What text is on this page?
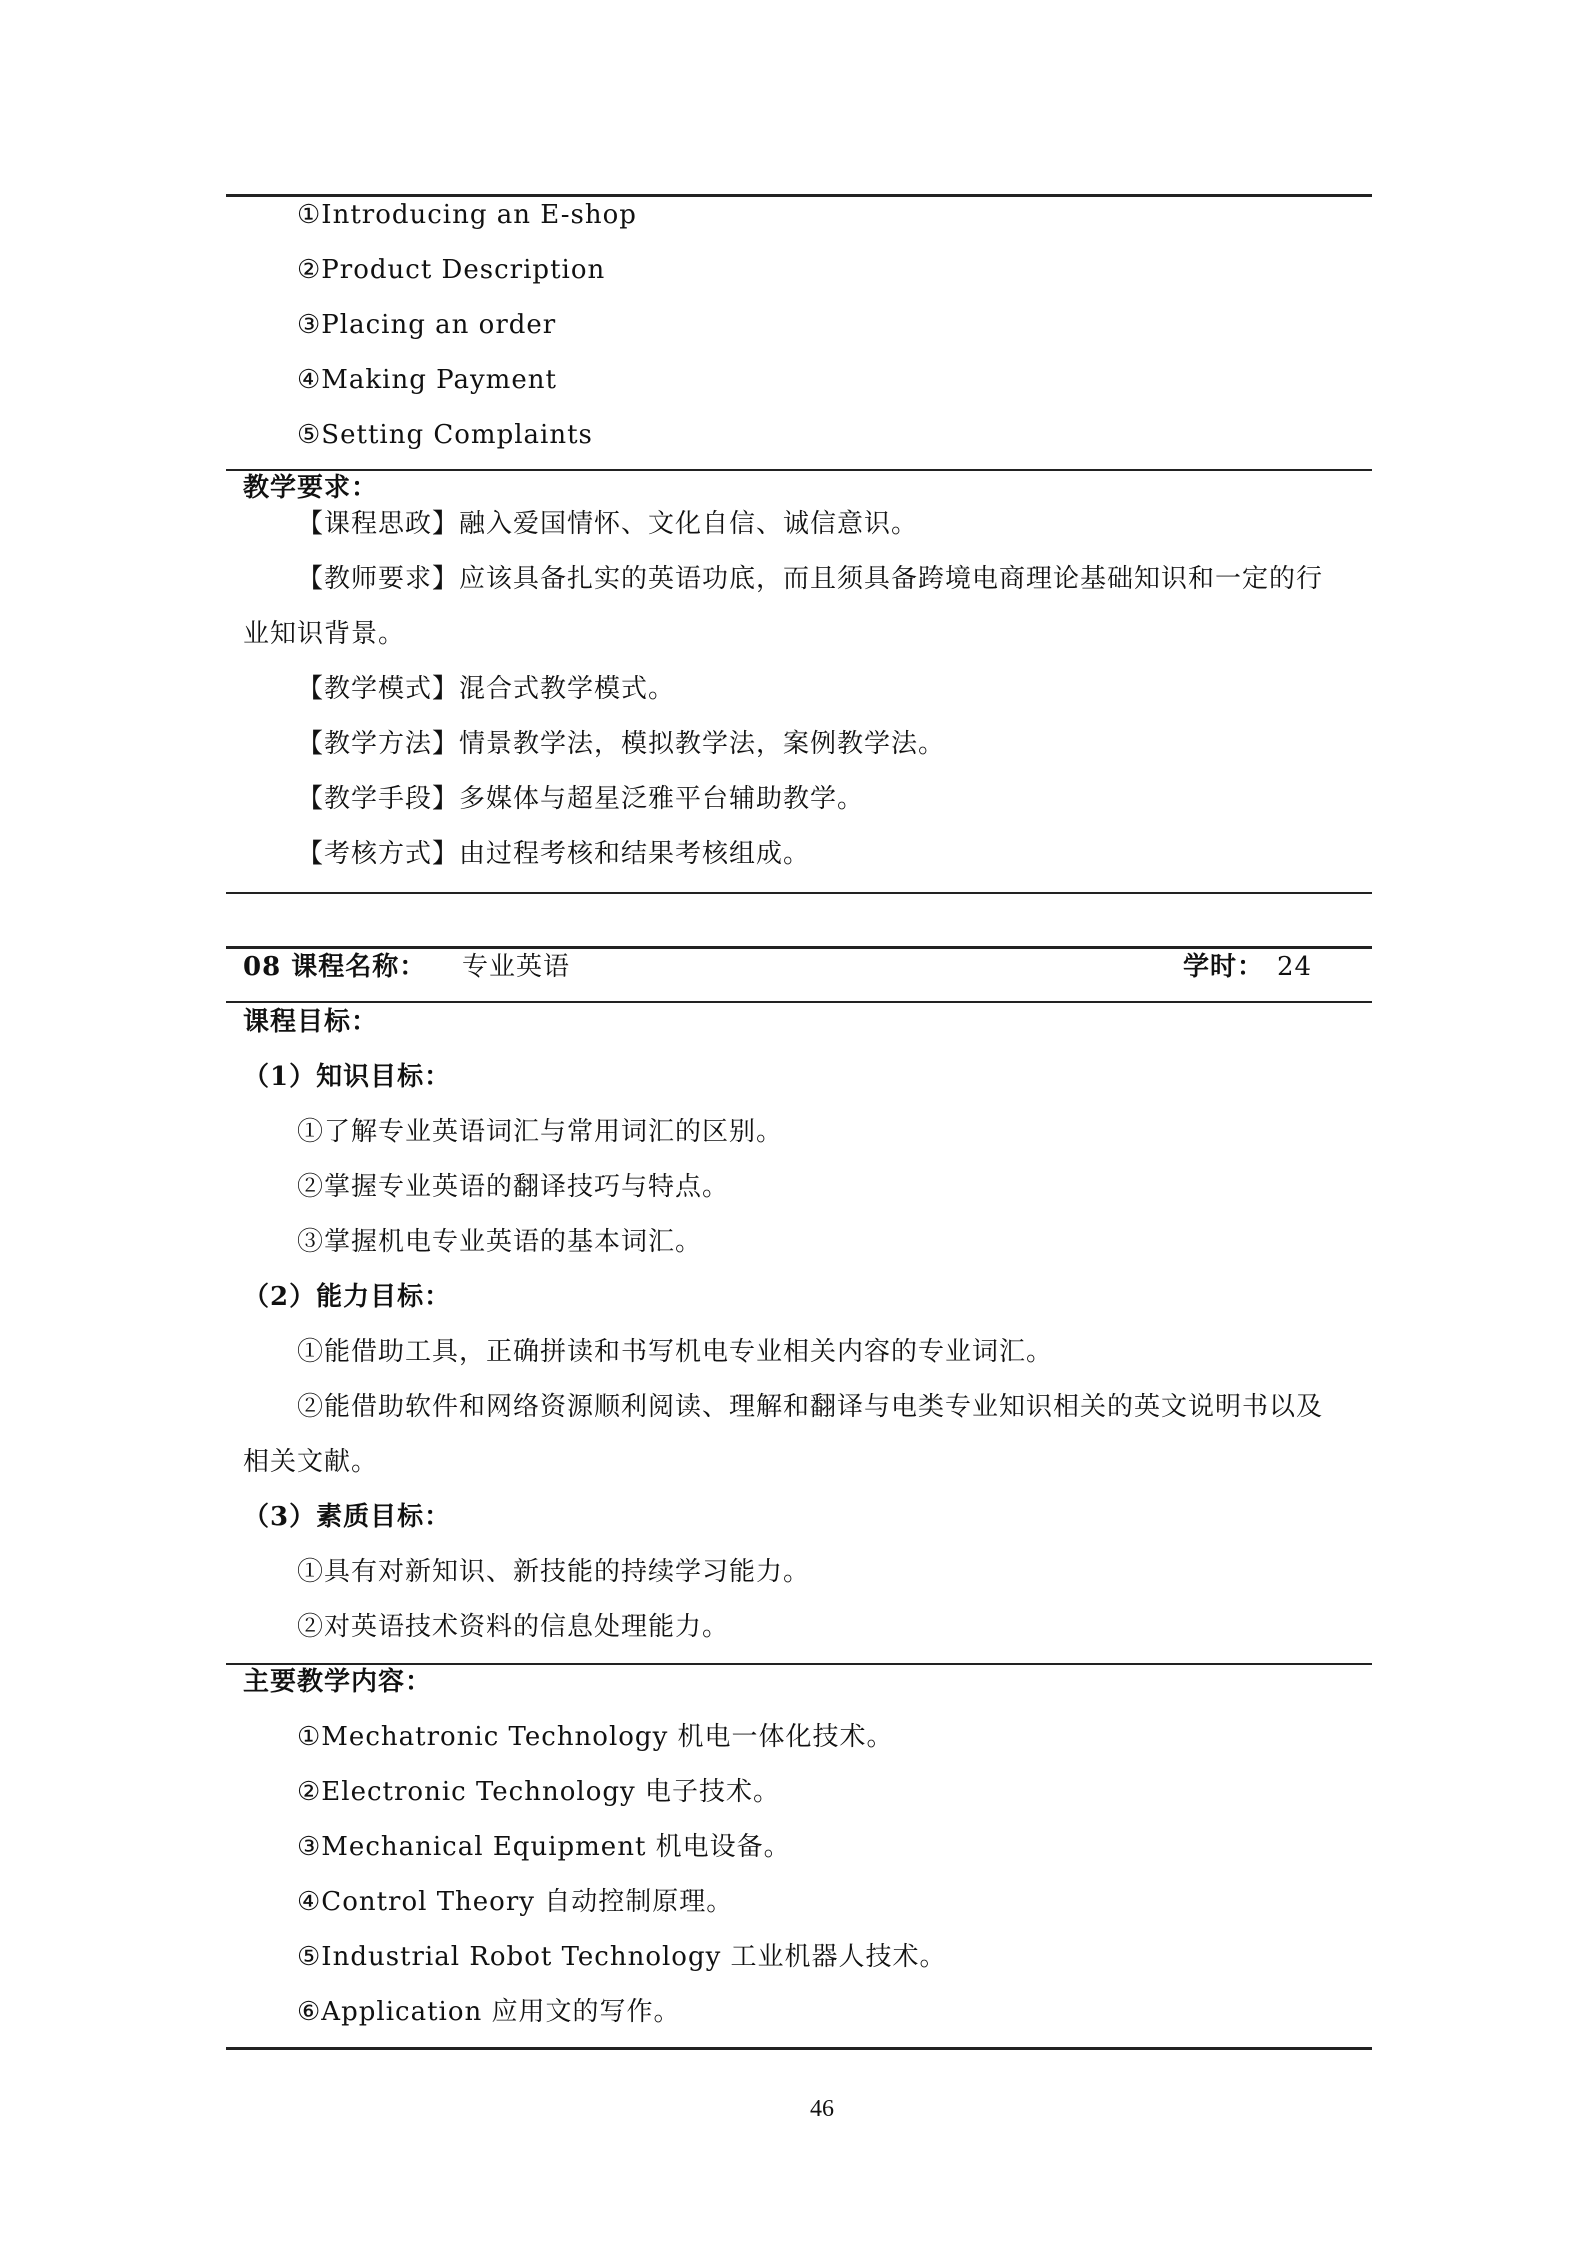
①Introducing an E-shop
②Product Description
③Placing an order
④Making Payment
⑤Setting Complaints
教学要求：
【课程思政】融入爱国情怀、文化自信、诚信意识。
【教师要求】应该具备扎实的英语功底，而且须具备跨境电商理论基础知识和一定的行
业知识背景。
【教学模式】混合式教学模式。
【教学方法】情景教学法，模拟教学法，案例教学法。
【教学手段】多媒体与超星泛雅平台辅助教学。
【考核方式】由过程考核和结果考核组成。
08 课程名称： 专业英语	学时： 24
课程目标：
（1）知识目标：
①了解专业英语词汇与常用词汇的区别。
②掌握专业英语的翻译技巧与特点。
③掌握机电专业英语的基本词汇。
（2）能力目标：
①能借助工具，正确拼读和书写机电专业相关内容的专业词汇。
②能借助软件和网络资源顺利阅读、理解和翻译与电类专业知识相关的英文说明书以及
相关文献。
（3）素质目标：
①具有对新知识、新技能的持续学习能力。
②对英语技术资料的信息处理能力。
主要教学内容：
①Mechatronic Technology 机电一体化技术。
②Electronic Technology 电子技术。
③Mechanical Equipment 机电设备。
④Control Theory 自动控制原理。
⑤Industrial Robot Technology 工业机器人技术。
⑥Application 应用文的写作。
46
